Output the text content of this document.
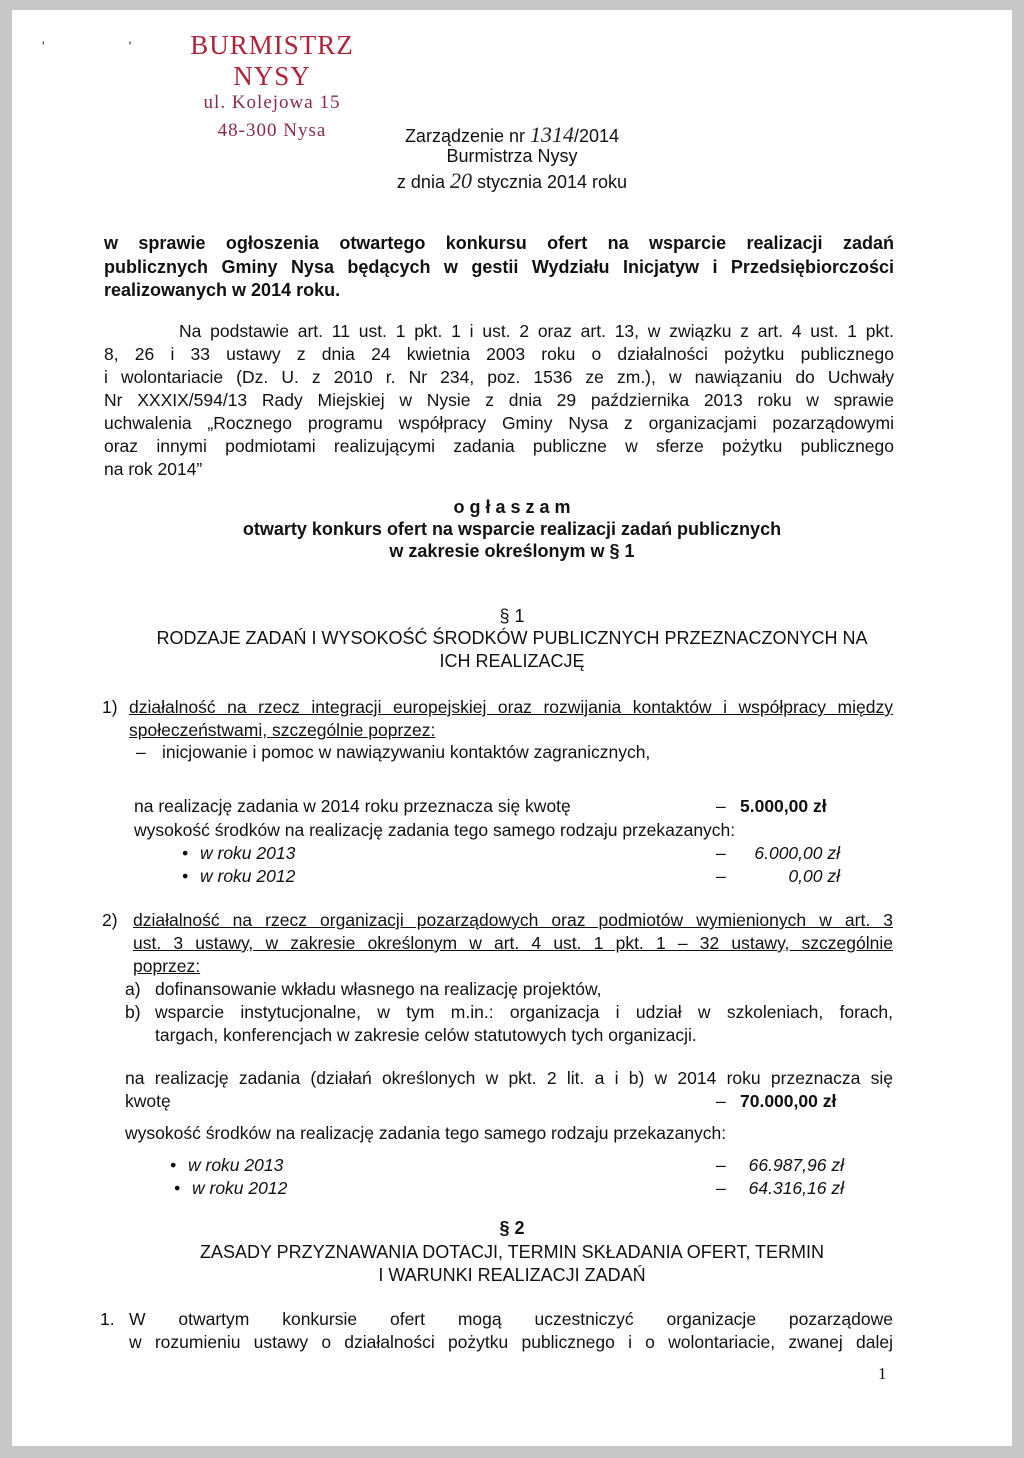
' ' BURMISTRZ NYSY
ul. Kolejowa 15
48-300 Nysa	Zarządzenie nr 1314/2014
Burmistrza Nysy
z dnia 20 stycznia 2014 roku
w sprawie ogłoszenia otwartego konkursu ofert na wsparcie realizacji zadań
publicznych Gminy Nysa będących w gestii Wydziału Inicjatyw i Przedsiębiorczości
realizowanych w 2014 roku.
Na podstawie art. 11 ust. 1 pkt. 1 i ust. 2 oraz art. 13, w związku z art. 4 ust. 1 pkt.
8, 26 i 33 ustawy z dnia 24 kwietnia 2003 roku o działalności pożytku publicznego
i wolontariacie (Dz. U. z 2010 r. Nr 234, poz. 1536 ze zm.), w nawiązaniu do Uchwały
Nr XXXIX/594/13 Rady Miejskiej w Nysie z dnia 29 października 2013 roku w sprawie
uchwalenia „Rocznego programu współpracy Gminy Nysa z organizacjami pozarządowymi
oraz innymi podmiotami realizującymi zadania publiczne w sferze pożytku publicznego
na rok 2014”
o g ł a s z a m
otwarty konkurs ofert na wsparcie realizacji zadań publicznych
w zakresie określonym w § 1
§ 1
RODZAJE ZADAŃ I WYSOKOŚĆ ŚRODKÓW PUBLICZNYCH PRZEZNACZONYCH NA
ICH REALIZACJĘ
1) działalność na rzecz integracji europejskiej oraz rozwijania kontaktów i współpracy między
społeczeństwami, szczególnie poprzez:
– inicjowanie i pomoc w nawiązywaniu kontaktów zagranicznych,
na realizację zadania w 2014 roku przeznacza się kwotę	– 5.000,00 zł
wysokość środków na realizację zadania tego samego rodzaju przekazanych:
• w roku 2013	–	6.000,00 zł
• w roku 2012	–	0,00 zł
2) działalność na rzecz organizacji pozarządowych oraz podmiotów wymienionych w art. 3
ust. 3 ustawy, w zakresie określonym w art. 4 ust. 1 pkt. 1 – 32 ustawy, szczególnie
poprzez:
a) dofinansowanie wkładu własnego na realizację projektów,
b) wsparcie instytucjonalne, w tym m.in.: organizacja i udział w szkoleniach, forach,
targach, konferencjach w zakresie celów statutowych tych organizacji.
na realizację zadania (działań określonych w pkt. 2 lit. a i b) w 2014 roku przeznacza się
kwotę	– 70.000,00 zł
wysokość środków na realizację zadania tego samego rodzaju przekazanych:
• w roku 2013	–	66.987,96 zł
• w roku 2012	–	64.316,16 zł
§ 2
ZASADY PRZYZNAWANIA DOTACJI, TERMIN SKŁADANIA OFERT, TERMIN
I WARUNKI REALIZACJI ZADAŃ
1. W otwartym konkursie ofert mogą uczestniczyć organizacje pozarządowe
w rozumieniu ustawy o działalności pożytku publicznego i o wolontariacie, zwanej dalej
1
